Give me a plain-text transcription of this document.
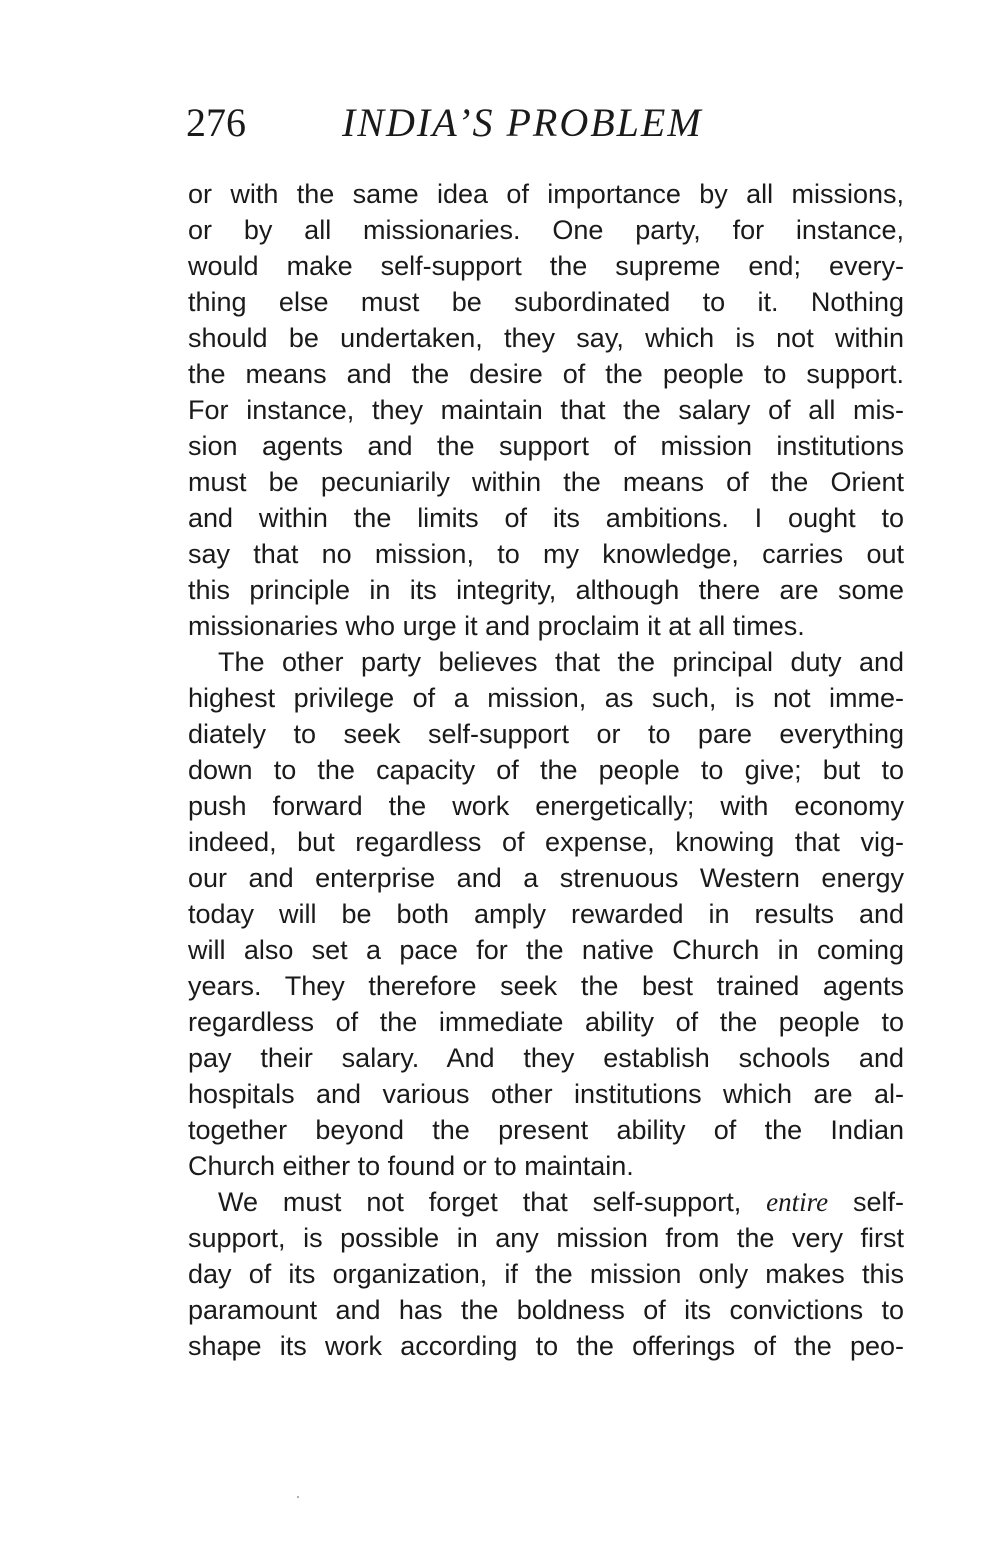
276 INDIA’S PROBLEM
or with the same idea of importance by all missions,
or by all missionaries. One party, for instance,
would make self-support the supreme end; every-
thing else must be subordinated to it. Nothing
should be undertaken, they say, which is not within
the means and the desire of the people to support.
For instance, they maintain that the salary of all mis-
sion agents and the support of mission institutions
must be pecuniarily within the means of the Orient
and within the limits of its ambitions. I ought to
say that no mission, to my knowledge, carries out
this principle in its integrity, although there are some
missionaries who urge it and proclaim it at all times.
The other party believes that the principal duty and
highest privilege of a mission, as such, is not imme-
diately to seek self-support or to pare everything
down to the capacity of the people to give; but to
push forward the work energetically; with economy
indeed, but regardless of expense, knowing that vig-
our and enterprise and a strenuous Western energy
today will be both amply rewarded in results and
will also set a pace for the native Church in coming
years. They therefore seek the best trained agents
regardless of the immediate ability of the people to
pay their salary. And they establish schools and
hospitals and various other institutions which are al-
together beyond the present ability of the Indian
Church either to found or to maintain.
We must not forget that self-support, entire self-
support, is possible in any mission from the very first
day of its organization, if the mission only makes this
paramount and has the boldness of its convictions to
shape its work according to the offerings of the peo-
